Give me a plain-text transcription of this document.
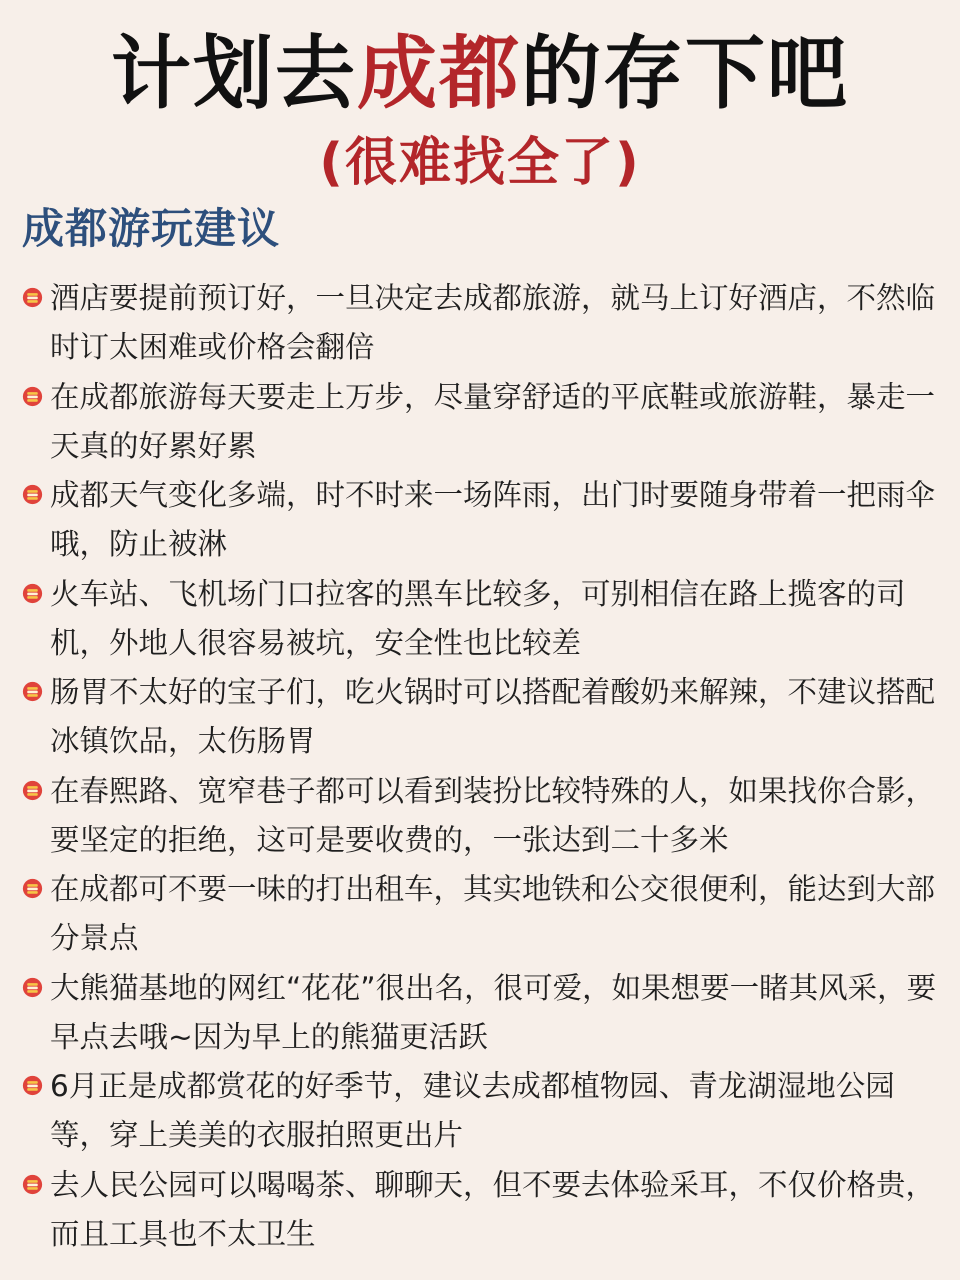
计划去成都的存下吧
(很难找全了)
成都游玩建议
酒店要提前预订好，一旦决定去成都旅游，就马上订好酒店，不然临时订太困难或价格会翻倍
在成都旅游每天要走上万步，尽量穿舒适的平底鞋或旅游鞋，暴走一天真的好累好累
成都天气变化多端，时不时来一场阵雨，出门时要随身带着一把雨伞哦，防止被淋
火车站、飞机场门口拉客的黑车比较多，可别相信在路上揽客的司机，外地人很容易被坑，安全性也比较差
肠胃不太好的宝子们，吃火锅时可以搭配着酸奶来解辣，不建议搭配冰镇饮品，太伤肠胃
在春熙路、宽窄巷子都可以看到装扮比较特殊的人，如果找你合影，要坚定的拒绝，这可是要收费的，一张达到二十多米
在成都可不要一味的打出租车，其实地铁和公交很便利，能达到大部分景点
大熊猫基地的网红“花花”很出名，很可爱，如果想要一睹其风采，要早点去哦~因为早上的熊猫更活跃
6月正是成都赏花的好季节，建议去成都植物园、青龙湖湿地公园等，穿上美美的衣服拍照更出片
去人民公园可以喝喝茶、聊聊天，但不要去体验采耳，不仅价格贵，而且工具也不太卫生
